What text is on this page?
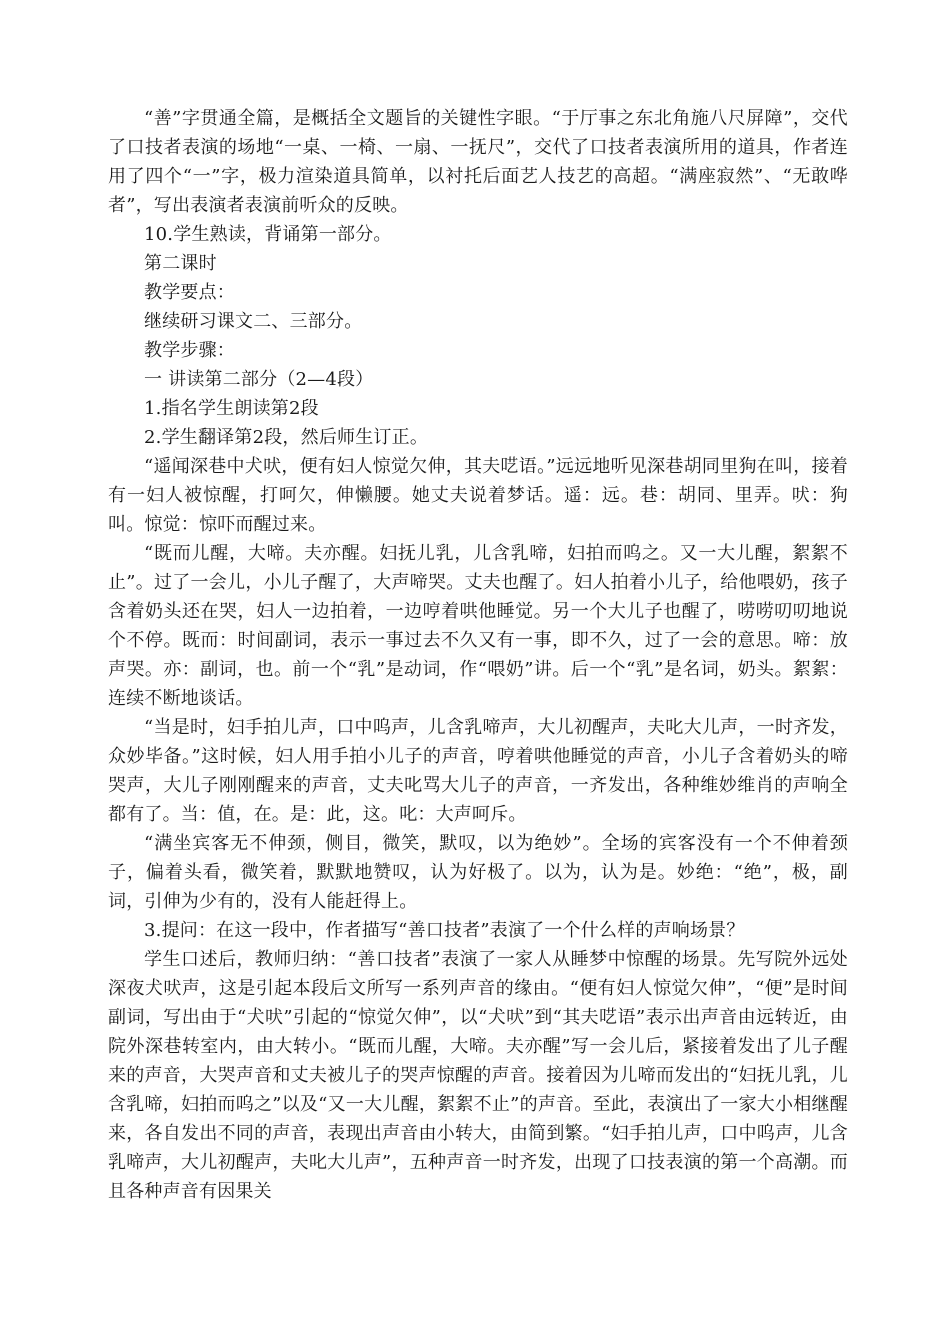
“善”字贯通全篇，是概括全文题旨的关键性字眼。“于厅事之东北角施八尺屏障”，交代了口技者表演的场地“一桌、一椅、一扇、一抚尺”，交代了口技者表演所用的道具，作者连用了四个“一”字，极力渲染道具简单，以衬托后面艺人技艺的高超。“满座寂然”、“无敢哗者”，写出表演者表演前听众的反映。

10.学生熟读，背诵第一部分。

第二课时

教学要点：

继续研习课文二、三部分。

教学步骤：

一 讲读第二部分（2—4段）

1.指名学生朗读第2段

2.学生翻译第2段，然后师生订正。

“遥闻深巷中犬吠，便有妇人惊觉欠伸，其夫呓语。”远远地听见深巷胡同里狗在叫，接着有一妇人被惊醒，打呵欠，伸懒腰。她丈夫说着梦话。遥：远。巷：胡同、里弄。吠：狗叫。惊觉：惊吓而醒过来。

“既而儿醒，大啼。夫亦醒。妇抚儿乳，儿含乳啼，妇拍而呜之。又一大儿醒，絮絮不止”。过了一会儿，小儿子醒了，大声啼哭。丈夫也醒了。妇人拍着小儿子，给他喂奶，孩子含着奶头还在哭，妇人一边拍着，一边哼着哄他睡觉。另一个大儿子也醒了，唠唠叨叨地说个不停。既而：时间副词，表示一事过去不久又有一事，即不久，过了一会的意思。啼：放声哭。亦：副词，也。前一个“乳”是动词，作“喂奶”讲。后一个“乳”是名词，奶头。絮絮：连续不断地谈话。

“当是时，妇手拍儿声，口中呜声，儿含乳啼声，大儿初醒声，夫叱大儿声，一时齐发，众妙毕备。”这时候，妇人用手拍小儿子的声音，哼着哄他睡觉的声音，小儿子含着奶头的啼哭声，大儿子刚刚醒来的声音，丈夫叱骂大儿子的声音，一齐发出，各种维妙维肖的声响全都有了。当：值，在。是：此，这。叱：大声呵斥。

“满坐宾客无不伸颈，侧目，微笑，默叹，以为绝妙”。全场的宾客没有一个不伸着颈子，偏着头看，微笑着，默默地赞叹，认为好极了。以为，认为是。妙绝：“绝”，极，副词，引伸为少有的，没有人能赶得上。

3.提问：在这一段中，作者描写“善口技者”表演了一个什么样的声响场景？

学生口述后，教师归纳：“善口技者”表演了一家人从睡梦中惊醒的场景。先写院外远处深夜犬吠声，这是引起本段后文所写一系列声音的缘由。“便有妇人惊觉欠伸”，“便”是时间副词，写出由于“犬吠”引起的“惊觉欠伸”，以“犬吠”到“其夫呓语”表示出声音由远转近，由院外深巷转室内，由大转小。“既而儿醒，大啼。夫亦醒”写一会儿后，紧接着发出了儿子醒来的声音，大哭声音和丈夫被儿子的哭声惊醒的声音。接着因为儿啼而发出的“妇抚儿乳，儿含乳啼，妇拍而呜之”以及“又一大儿醒，絮絮不止”的声音。至此，表演出了一家大小相继醒来，各自发出不同的声音，表现出声音由小转大，由简到繁。“妇手拍儿声，口中呜声，儿含乳啼声，大儿初醒声，夫叱大儿声”，五种声音一时齐发，出现了口技表演的第一个高潮。而且各种声音有因果关
